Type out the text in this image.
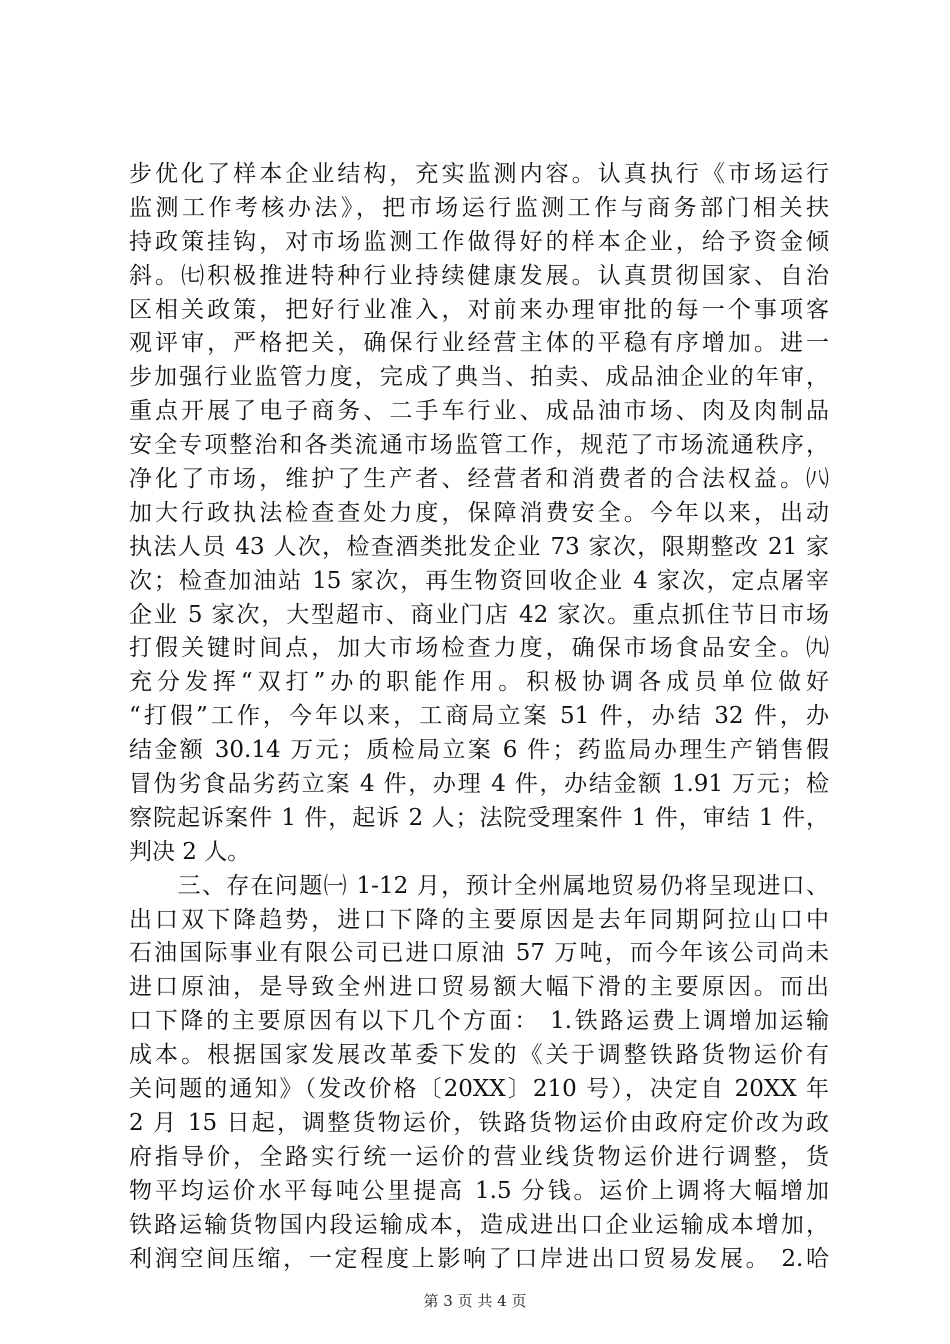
步优化了样本企业结构，充实监测内容。认真执行《市场运行
监测工作考核办法》，把市场运行监测工作与商务部门相关扶
持政策挂钩，对市场监测工作做得好的样本企业，给予资金倾
斜。㈦积极推进特种行业持续健康发展。认真贯彻国家、自治
区相关政策，把好行业准入，对前来办理审批的每一个事项客
观评审，严格把关，确保行业经营主体的平稳有序增加。进一
步加强行业监管力度，完成了典当、拍卖、成品油企业的年审，
重点开展了电子商务、二手车行业、成品油市场、肉及肉制品
安全专项整治和各类流通市场监管工作，规范了市场流通秩序，
净化了市场，维护了生产者、经营者和消费者的合法权益。㈧
加大行政执法检查查处力度，保障消费安全。今年以来，出动
执法人员 43 人次，检查酒类批发企业 73 家次，限期整改 21 家
次；检查加油站 15 家次，再生物资回收企业 4 家次，定点屠宰
企业 5 家次，大型超市、商业门店 42 家次。重点抓住节日市场
打假关键时间点，加大市场检查力度，确保市场食品安全。㈨
充分发挥“双打”办的职能作用。积极协调各成员单位做好
“打假”工作，今年以来，工商局立案 51 件，办结 32 件，办
结金额 30.14 万元；质检局立案 6 件；药监局办理生产销售假
冒伪劣食品劣药立案 4 件，办理 4 件，办结金额 1.91 万元；检
察院起诉案件 1 件，起诉 2 人；法院受理案件 1 件，审结 1 件，
判决 2 人。
　　三、存在问题㈠ 1-12 月，预计全州属地贸易仍将呈现进口、
出口双下降趋势，进口下降的主要原因是去年同期阿拉山口中
石油国际事业有限公司已进口原油 57 万吨，而今年该公司尚未
进口原油，是导致全州进口贸易额大幅下滑的主要原因。而出
口下降的主要原因有以下几个方面： 1.铁路运费上调增加运输
成本。根据国家发展改革委下发的《关于调整铁路货物运价有
关问题的通知》（发改价格〔20XX〕210 号），决定自 20XX 年
2 月 15 日起，调整货物运价，铁路货物运价由政府定价改为政
府指导价，全路实行统一运价的营业线货物运价进行调整，货
物平均运价水平每吨公里提高 1.5 分钱。运价上调将大幅增加
铁路运输货物国内段运输成本，造成进出口企业运输成本增加，
利润空间压缩，一定程度上影响了口岸进出口贸易发展。 2.哈
第 3 页 共 4 页
